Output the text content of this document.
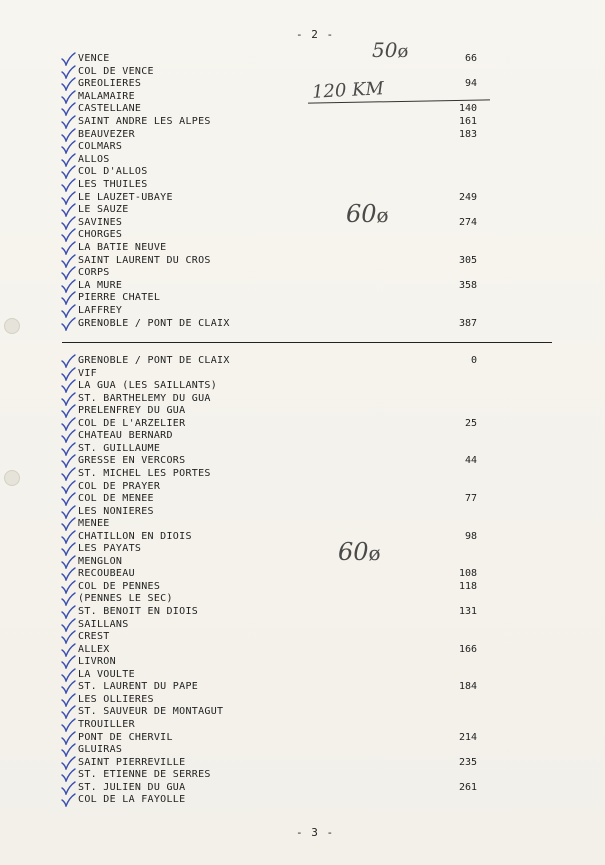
- 2 -
50ø
120 KM
60ø
60ø
VENCE	66
COL DE VENCE
GREOLIERES	94
MALAMAIRE
CASTELLANE	140
SAINT ANDRE LES ALPES	161
BEAUVEZER	183
COLMARS
ALLOS
COL D'ALLOS
LES THUILES
LE LAUZET-UBAYE	249
LE SAUZE
SAVINES	274
CHORGES
LA BATIE NEUVE
SAINT LAURENT DU CROS	305
CORPS
LA MURE	358
PIERRE CHATEL
LAFFREY
GRENOBLE / PONT DE CLAIX	387
GRENOBLE / PONT DE CLAIX	0
VIF
LA GUA (LES SAILLANTS)
ST. BARTHELEMY DU GUA
PRELENFREY DU GUA
COL DE L'ARZELIER	25
CHATEAU BERNARD
ST. GUILLAUME
GRESSE EN VERCORS	44
ST. MICHEL LES PORTES
COL DE PRAYER
COL DE MENEE	77
LES NONIERES
MENEE
CHATILLON EN DIOIS	98
LES PAYATS
MENGLON
RECOUBEAU	108
COL DE PENNES	118
(PENNES LE SEC)
ST. BENOIT EN DIOIS	131
SAILLANS
CREST
ALLEX	166
LIVRON
LA VOULTE
ST. LAURENT DU PAPE	184
LES OLLIERES
ST. SAUVEUR DE MONTAGUT
TROUILLER
PONT DE CHERVIL	214
GLUIRAS
SAINT PIERREVILLE	235
ST. ETIENNE DE SERRES
ST. JULIEN DU GUA	261
COL DE LA FAYOLLE
- 3 -
